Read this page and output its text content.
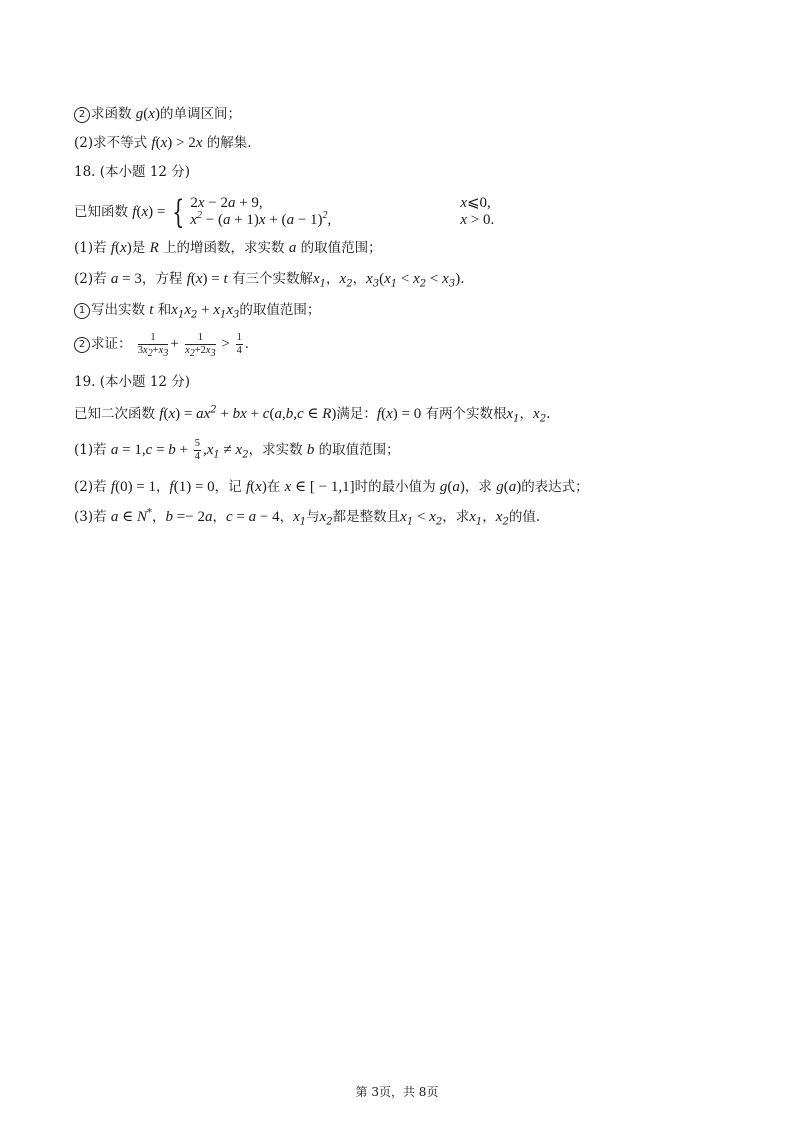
2 求函数 g(x)的单调区间；
(2)求不等式 f(x) > 2x 的解集.
18. (本小题 12 分)
已知函数 f(x) = { 2x − 2a + 9,	x⩽0,
$x^2 - (a + 1)x + (a - 1)^2$,	x > 0.
(1)若 f(x)是 R 上的增函数，求实数 a 的取值范围；
(2)若 a = 3，方程 f(x) = t 有三个实数解$x_1$，$x_2$，$x_3(x_1 < x_2 < x_3)$.
1 写出实数 t 和$x_1x_2 + x_1x_3$的取值范围；
2 求证： $\frac{1}{3x_2+x_3} + \frac{1}{x_2+2x_3} > \frac{1}{4}$ .
19. (本小题 12 分)
已知二次函数 $f(x) = ax^2$ + bx + c(a,b,c ∈ R)满足：f(x) = 0 有两个实数根$x_1$，$x_2$.
(1)若 $a = 1,c = b + \frac{5}{4} ,x_1 \ne x_2$，求实数 b 的取值范围；
(2)若 f(0) = 1，f(1) = 0，记 f(x)在 x ∈ [ − 1,1]时的最小值为 g(a)，求 g(a)的表达式；
(3)若 a ∈ N*，b =− 2a，c = a − 4，$x_1$与$x_2$都是整数且$x_1 < x_2$，求$x_1$，$x_2$的值.
第 3页，共 8页
